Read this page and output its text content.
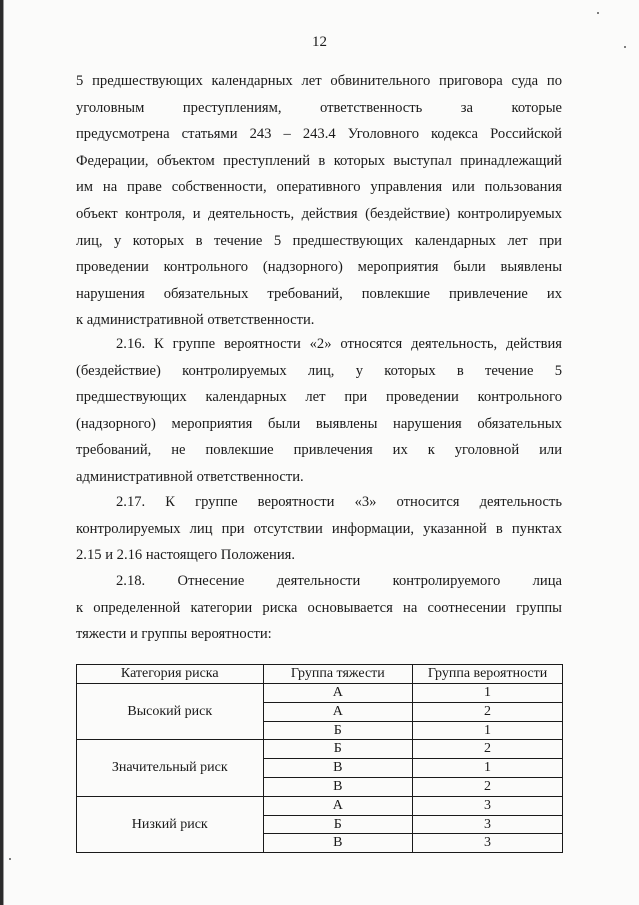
12
5 предшествующих календарных лет обвинительного приговора суда по
уголовным преступлениям, ответственность за которые
предусмотрена статьями 243 – 243.4 Уголовного кодекса Российской
Федерации, объектом преступлений в которых выступал принадлежащий
им на праве собственности, оперативного управления или пользования
объект контроля, и деятельность, действия (бездействие) контролируемых
лиц, у которых в течение 5 предшествующих календарных лет при
проведении контрольного (надзорного) мероприятия были выявлены
нарушения обязательных требований, повлекшие привлечение их
к административной ответственности.
2.16. К группе вероятности «2» относятся деятельность, действия
(бездействие) контролируемых лиц, у которых в течение 5
предшествующих календарных лет при проведении контрольного
(надзорного) мероприятия были выявлены нарушения обязательных
требований, не повлекшие привлечения их к уголовной или
административной ответственности.
2.17. К группе вероятности «3» относится деятельность
контролируемых лиц при отсутствии информации, указанной в пунктах
2.15 и 2.16 настоящего Положения.
2.18. Отнесение деятельности контролируемого лица
к определенной категории риска основывается на соотнесении группы
тяжести и группы вероятности:
Категория риска	Группа тяжести	Группа вероятности
Высокий риск	А	1
	А	2
	Б	1
Значительный риск	Б	2
	В	1
	В	2
Низкий риск	А	3
	Б	3
	В	3
